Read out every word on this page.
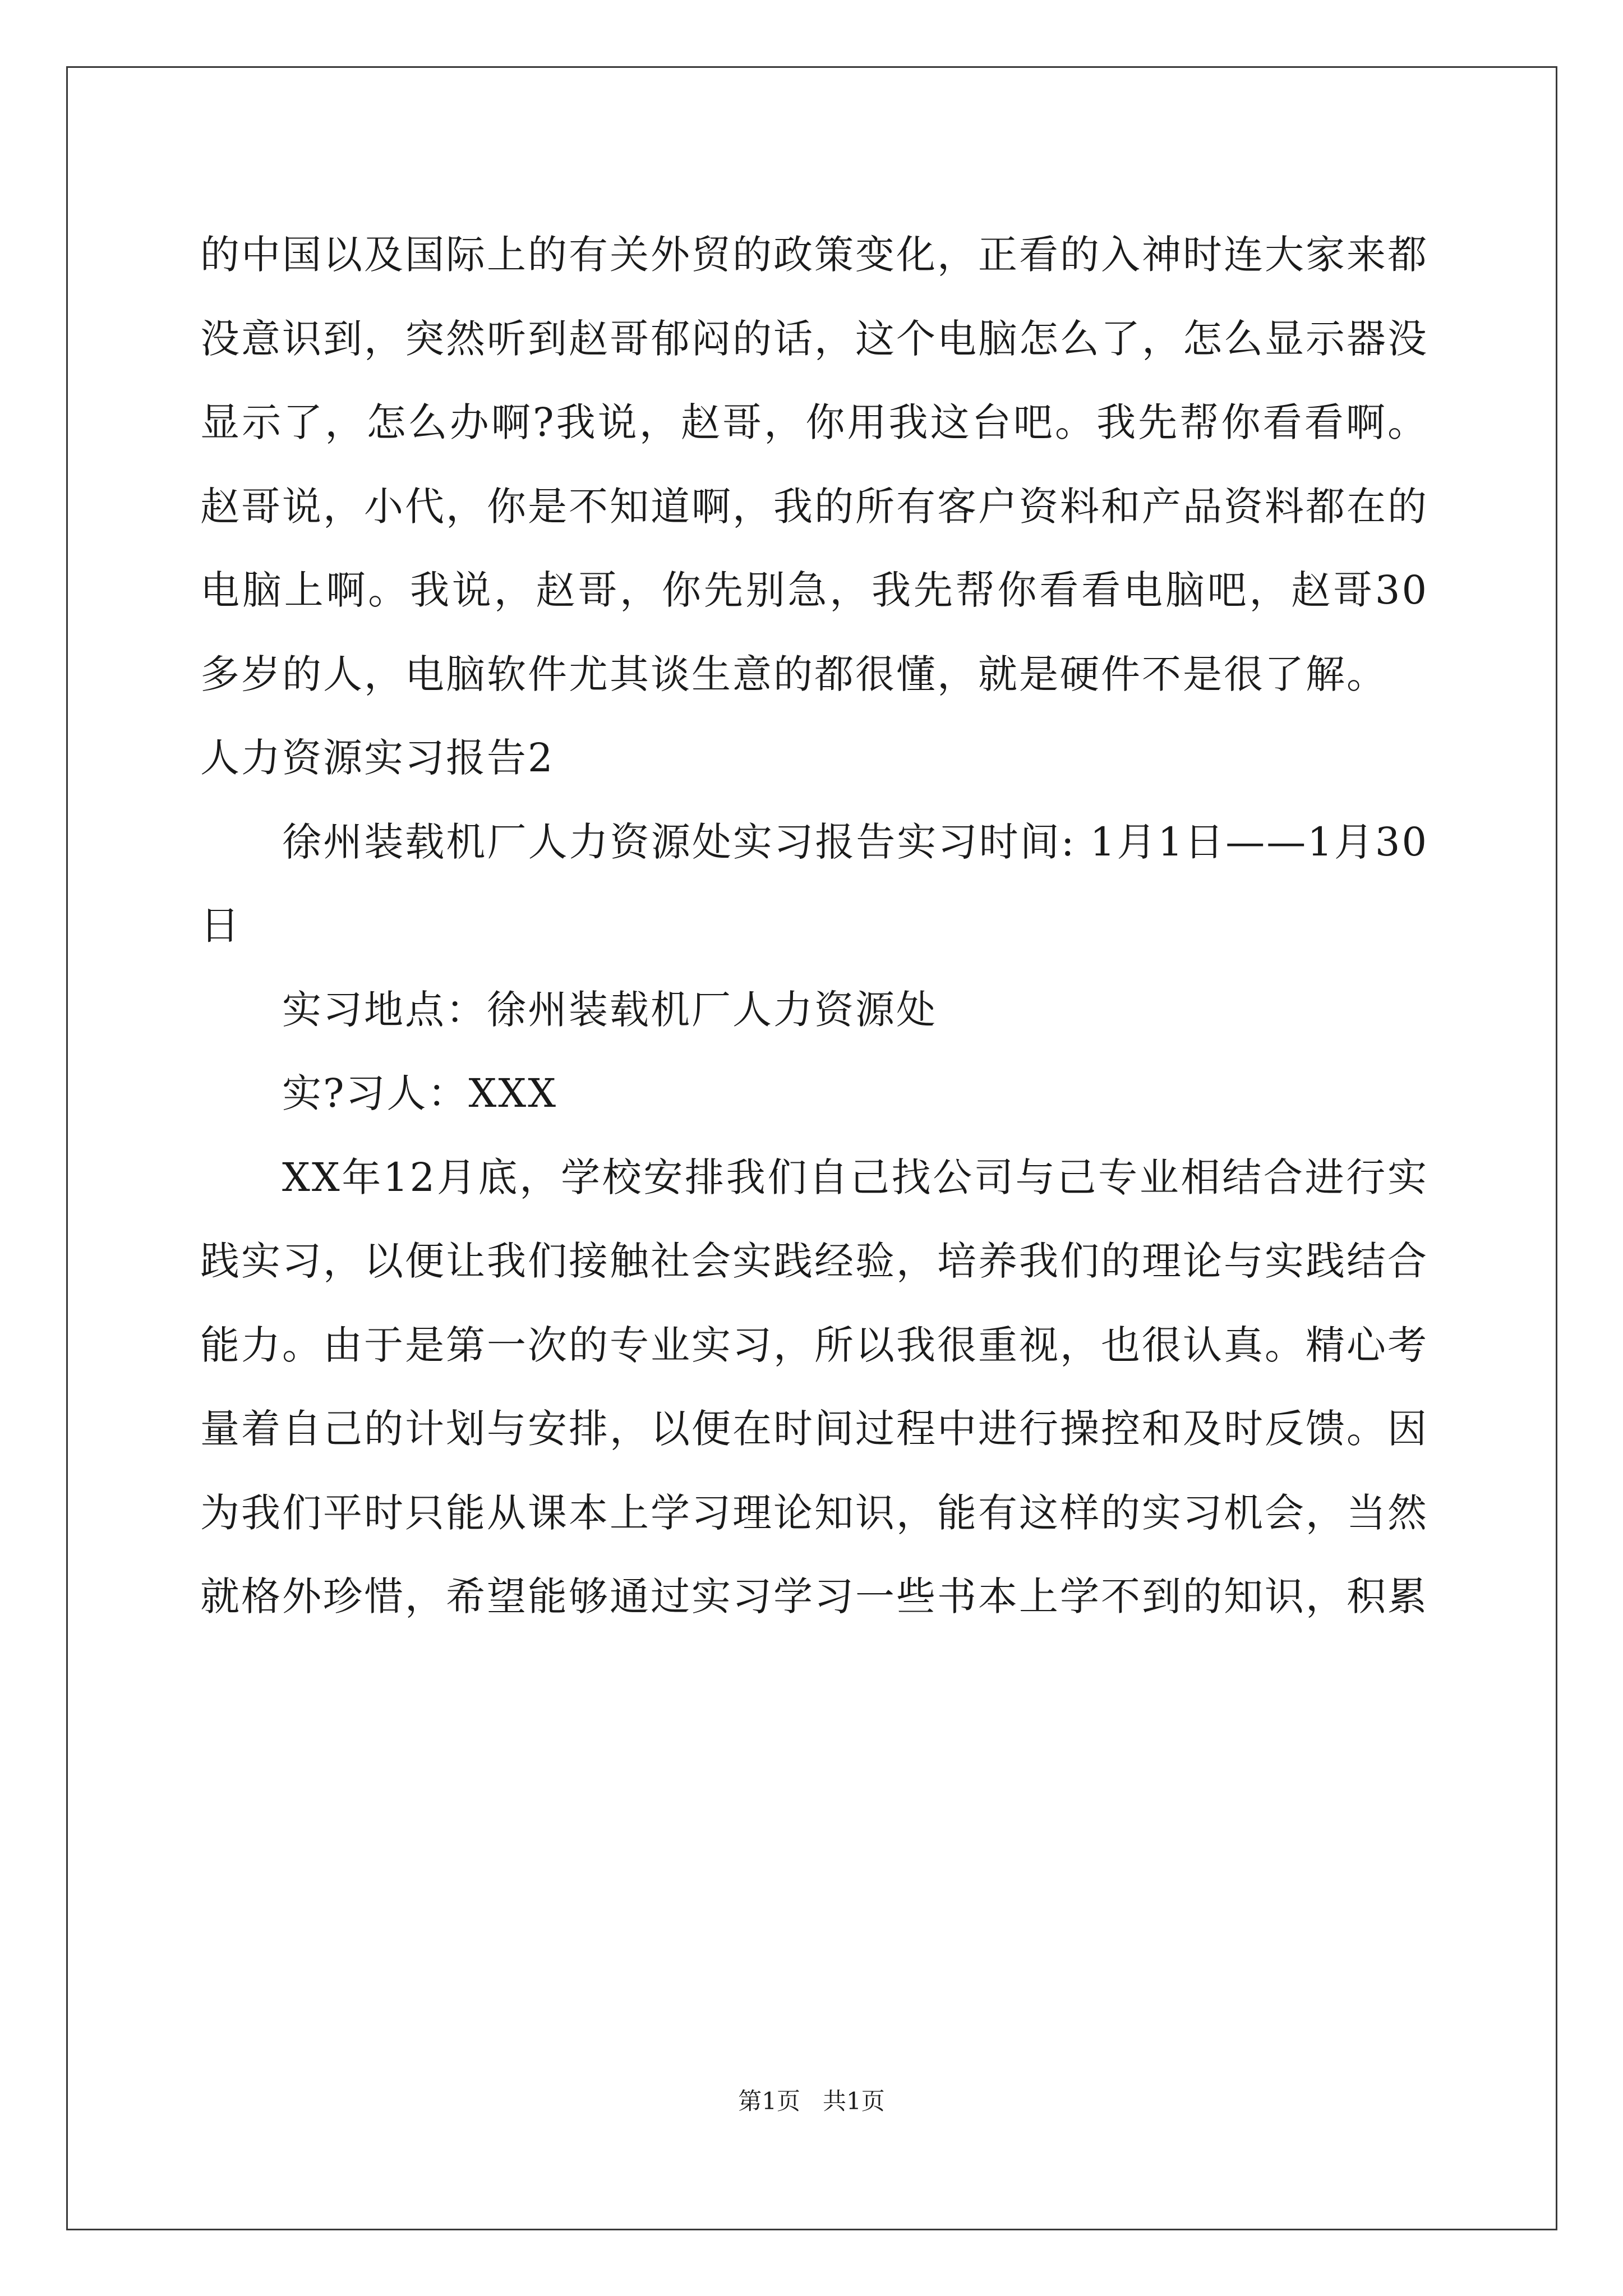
的中国以及国际上的有关外贸的政策变化，正看的入神时连大家来都没意识到，突然听到赵哥郁闷的话，这个电脑怎么了，怎么显示器没显示了，怎么办啊?我说，赵哥，你用我这台吧。我先帮你看看啊。赵哥说，小代，你是不知道啊，我的所有客户资料和产品资料都在的电脑上啊。我说，赵哥，你先别急，我先帮你看看电脑吧，赵哥30多岁的人，电脑软件尤其谈生意的都很懂，就是硬件不是很了解。

人力资源实习报告2

徐州装载机厂人力资源处实习报告实习时间: 1月1日——1月30日

实习地点：徐州装载机厂人力资源处

实?习人：XXX

XX年12月底，学校安排我们自己找公司与己专业相结合进行实践实习，以便让我们接触社会实践经验，培养我们的理论与实践结合能力。由于是第一次的专业实习，所以我很重视，也很认真。精心考量着自己的计划与安排，以便在时间过程中进行操控和及时反馈。因为我们平时只能从课本上学习理论知识，能有这样的实习机会，当然就格外珍惜，希望能够通过实习学习一些书本上学不到的知识，积累

第1页   共1页
